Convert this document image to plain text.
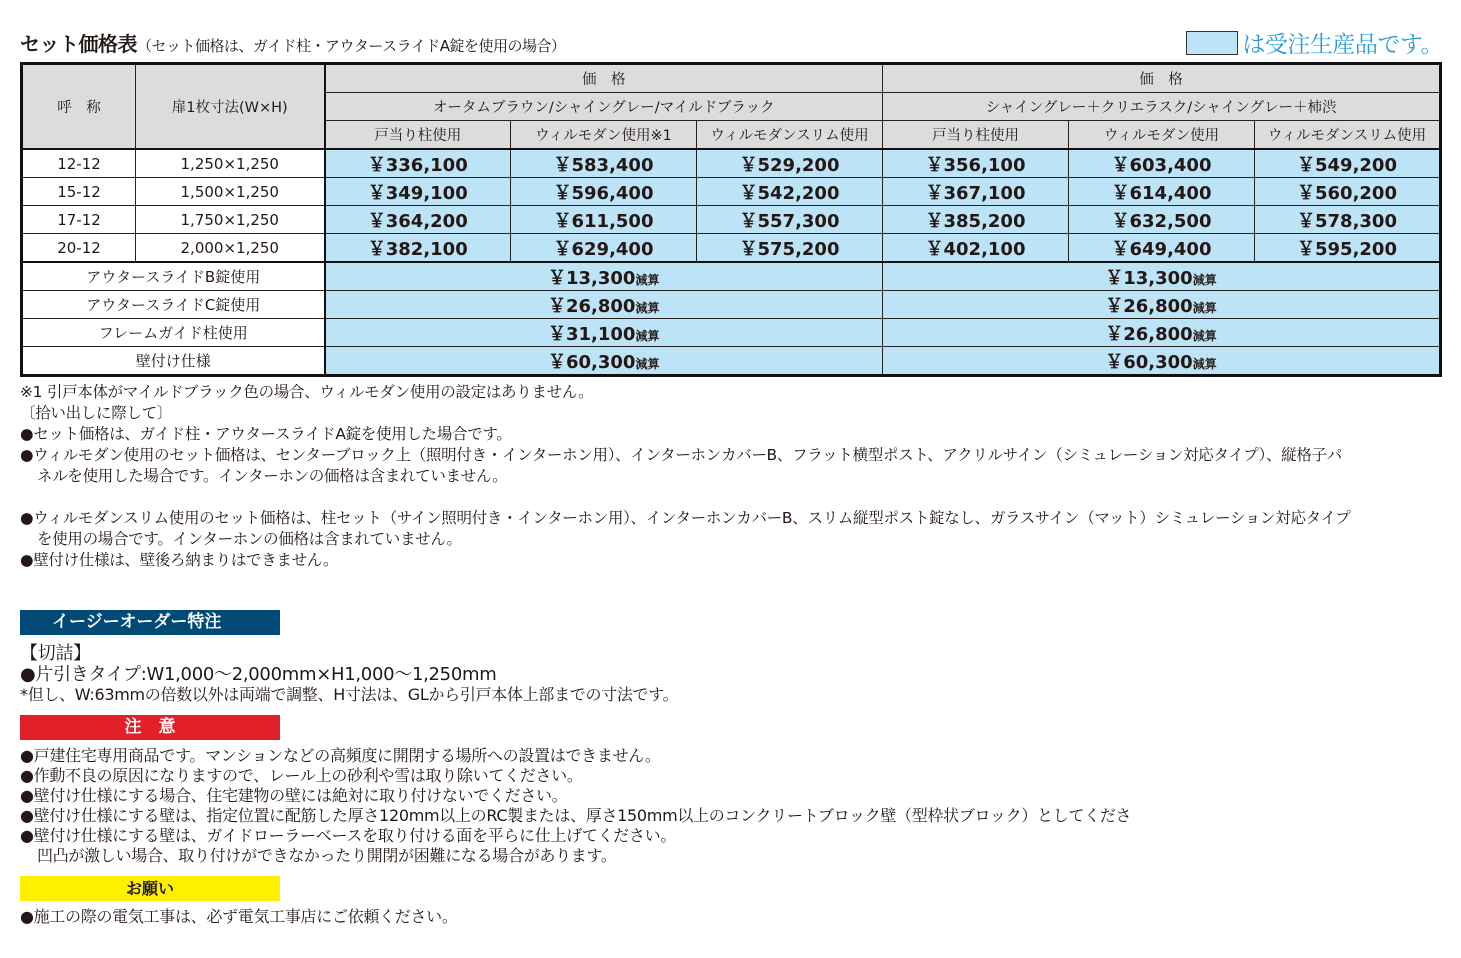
セット価格表（セット価格は、ガイド柱・アウタースライドA錠を使用の場合）	は受注生産品です。
呼　称	扉1枚寸法(W×H)	価　格			価　格		
		オータムブラウン/シャイングレー/マイルドブラック			シャイングレー＋クリエラスク/シャイングレー＋柿渋		
		戸当り柱使用	ウィルモダン使用※1	ウィルモダンスリム使用	戸当り柱使用	ウィルモダン使用	ウィルモダンスリム使用
12-12	1,250×1,250	￥336,100	￥583,400	￥529,200	￥356,100	￥603,400	￥549,200
15-12	1,500×1,250	￥349,100	￥596,400	￥542,200	￥367,100	￥614,400	￥560,200
17-12	1,750×1,250	￥364,200	￥611,500	￥557,300	￥385,200	￥632,500	￥578,300
20-12	2,000×1,250	￥382,100	￥629,400	￥575,200	￥402,100	￥649,400	￥595,200
アウタースライドB錠使用		￥13,300減算			￥13,300減算		
アウタースライドC錠使用		￥26,800減算			￥26,800減算		
フレームガイド柱使用		￥31,100減算			￥26,800減算		
壁付け仕様		￥60,300減算			￥60,300減算		
※1 引戸本体がマイルドブラック色の場合、ウィルモダン使用の設定はありません。
〔拾い出しに際して〕
●セット価格は、ガイド柱・アウタースライドA錠を使用した場合です。
●ウィルモダン使用のセット価格は、センターブロック上（照明付き・インターホン用）、インターホンカバーB、フラット横型ポスト、アクリルサイン（シミュレーション対応タイプ）、縦格子パ
ネルを使用した場合です。インターホンの価格は含まれていません。
●ウィルモダンスリム使用のセット価格は、柱セット（サイン照明付き・インターホン用）、インターホンカバーB、スリム縦型ポスト錠なし、ガラスサイン（マット）シミュレーション対応タイプ
を使用の場合です。インターホンの価格は含まれていません。
●壁付け仕様は、壁後ろ納まりはできません。
イージーオーダー特注
【切詰】
●片引きタイプ:W1,000～2,000mm×H1,000～1,250mm
*但し、W:63mmの倍数以外は両端で調整、H寸法は、GLから引戸本体上部までの寸法です。
注　意
●戸建住宅専用商品です。マンションなどの高頻度に開閉する場所への設置はできません。
●作動不良の原因になりますので、レール上の砂利や雪は取り除いてください。
●壁付け仕様にする場合、住宅建物の壁には絶対に取り付けないでください。
●壁付け仕様にする壁は、指定位置に配筋した厚さ120mm以上のRC製または、厚さ150mm以上のコンクリートブロック壁（型枠状ブロック）としてくださ
●壁付け仕様にする壁は、ガイドローラーベースを取り付ける面を平らに仕上げてください。
凹凸が激しい場合、取り付けができなかったり開閉が困難になる場合があります。
お願い
●施工の際の電気工事は、必ず電気工事店にご依頼ください。
